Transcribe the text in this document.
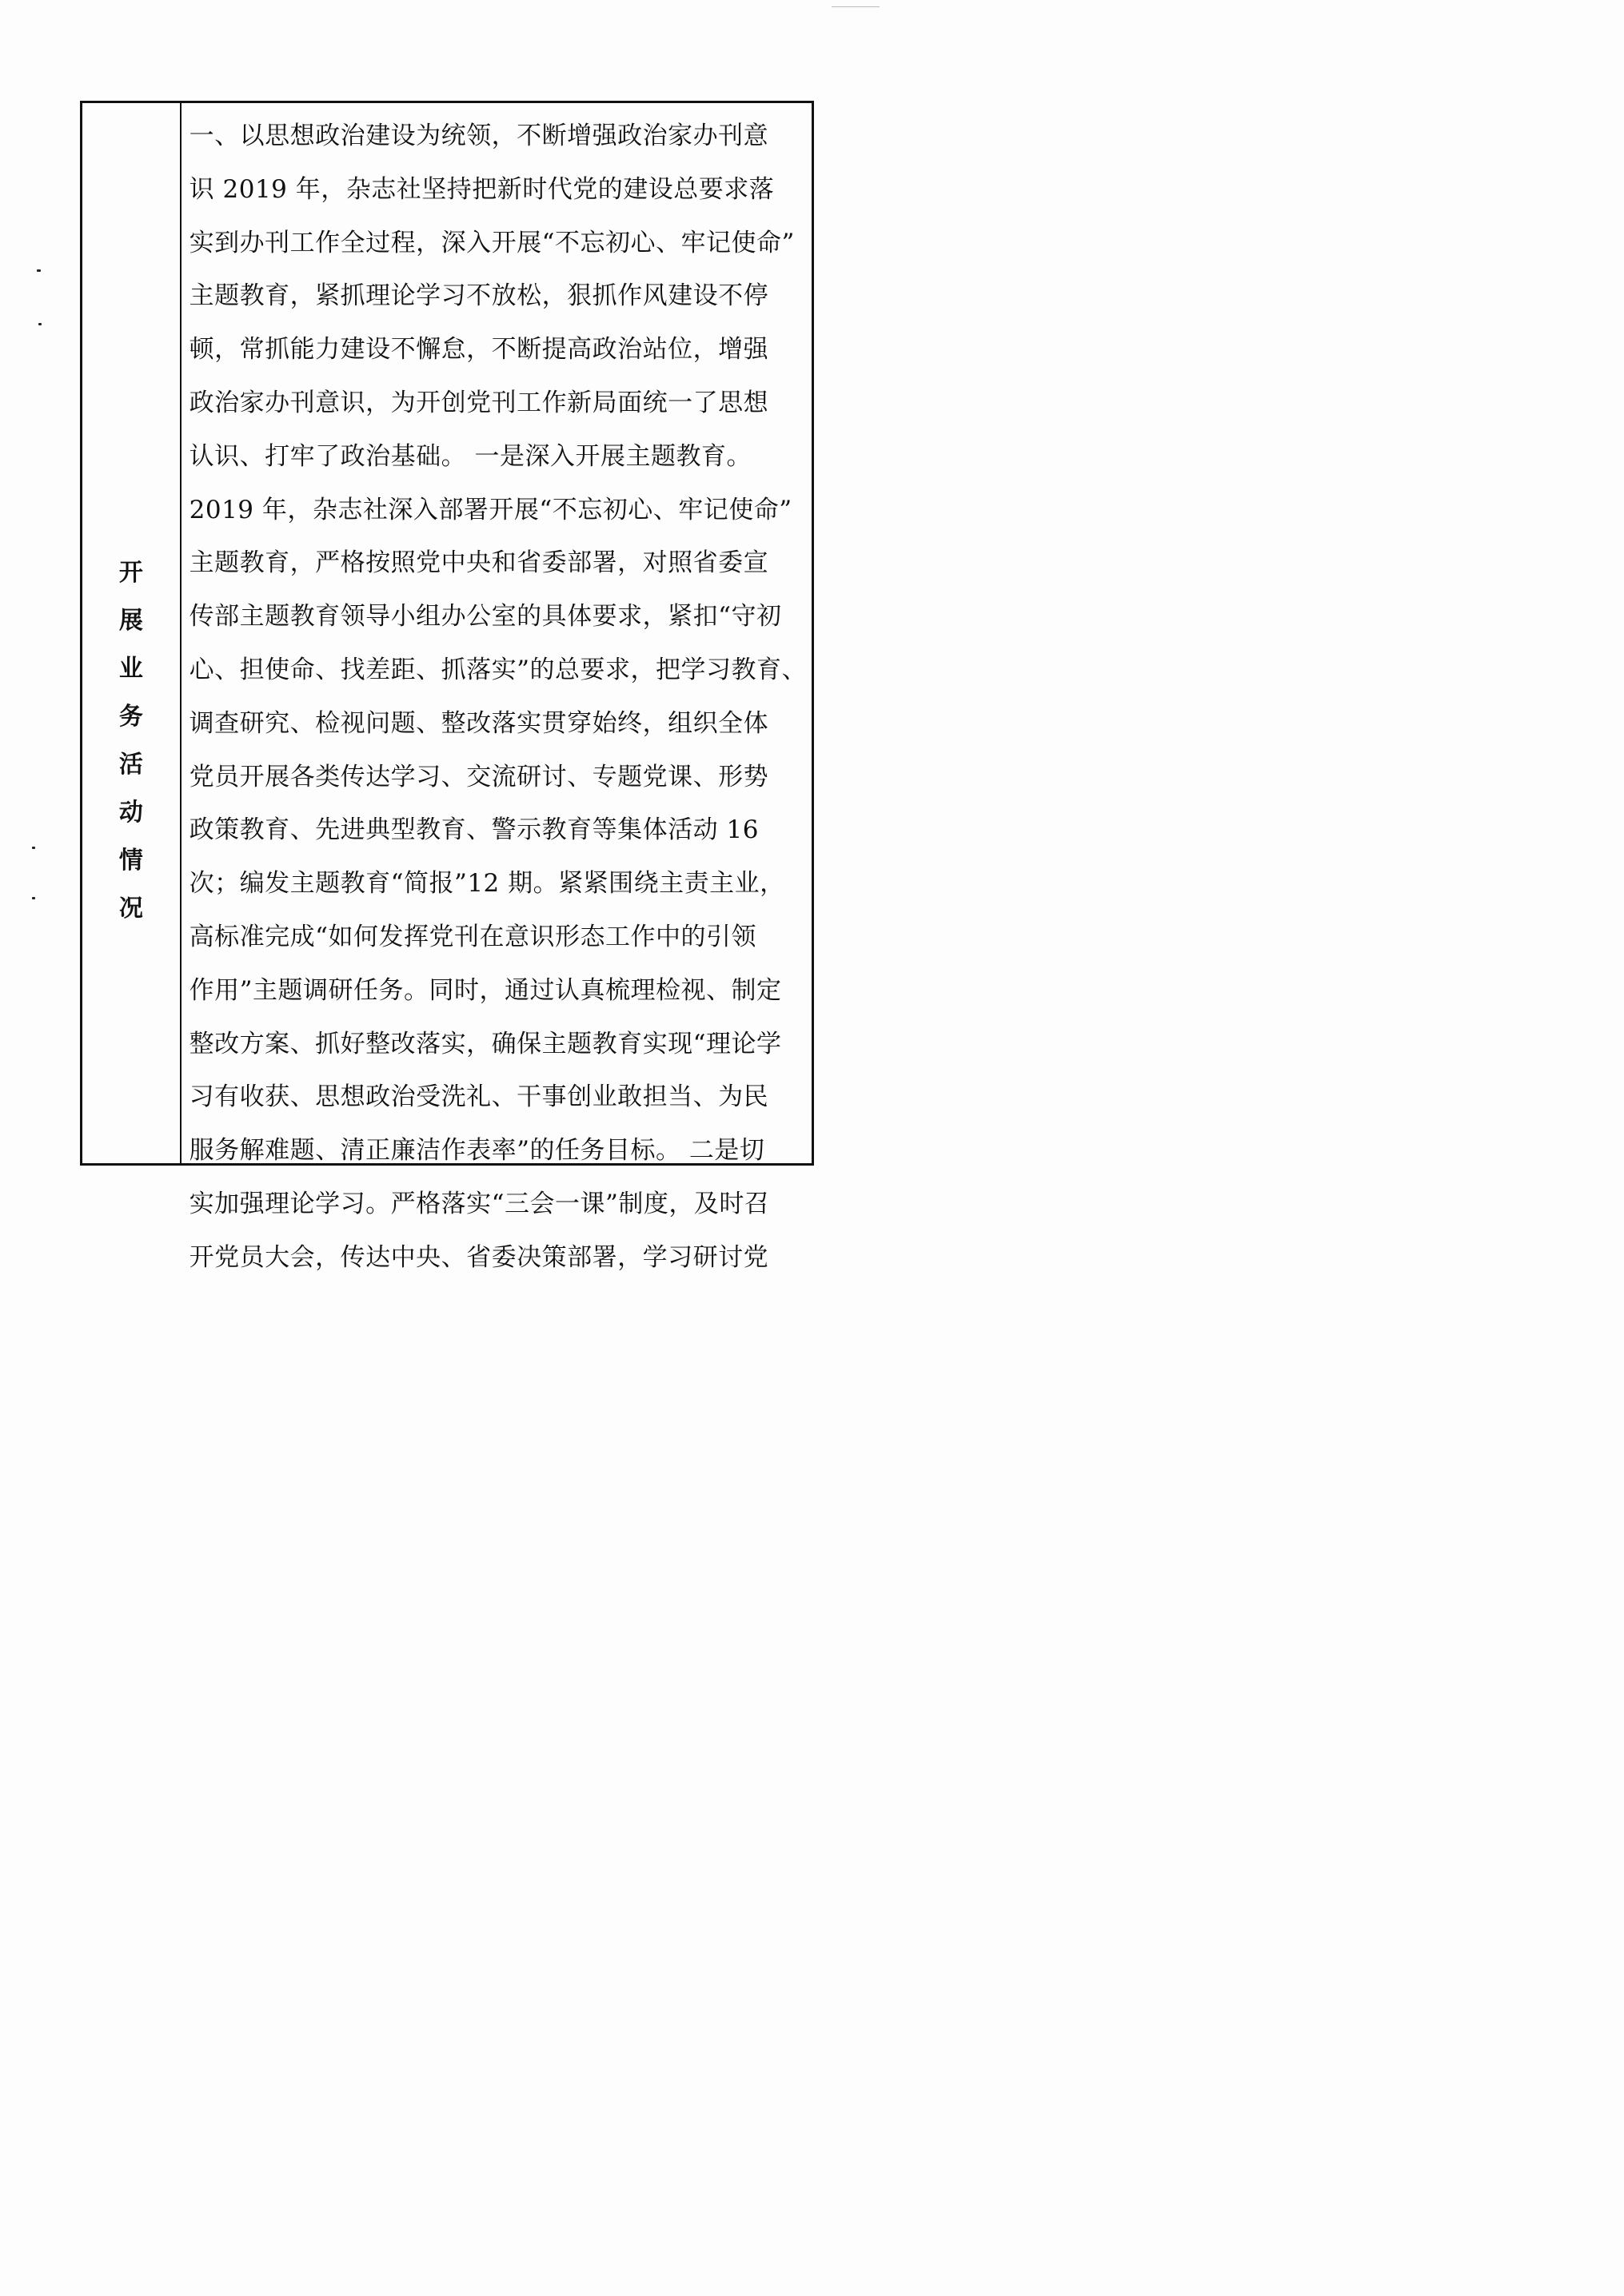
开
展
业
务
活
动
情
况
一、以思想政治建设为统领，不断增强政治家办刊意
识 2019 年，杂志社坚持把新时代党的建设总要求落
实到办刊工作全过程，深入开展“不忘初心、牢记使命”
主题教育，紧抓理论学习不放松，狠抓作风建设不停
顿，常抓能力建设不懈怠，不断提高政治站位，增强
政治家办刊意识，为开创党刊工作新局面统一了思想
认识、打牢了政治基础。 一是深入开展主题教育。
2019 年，杂志社深入部署开展“不忘初心、牢记使命”
主题教育，严格按照党中央和省委部署，对照省委宣
传部主题教育领导小组办公室的具体要求，紧扣“守初
心、担使命、找差距、抓落实”的总要求，把学习教育、
调查研究、检视问题、整改落实贯穿始终，组织全体
党员开展各类传达学习、交流研讨、专题党课、形势
政策教育、先进典型教育、警示教育等集体活动 16
次；编发主题教育“简报”12 期。紧紧围绕主责主业，
高标准完成“如何发挥党刊在意识形态工作中的引领
作用”主题调研任务。同时，通过认真梳理检视、制定
整改方案、抓好整改落实，确保主题教育实现“理论学
习有收获、思想政治受洗礼、干事创业敢担当、为民
服务解难题、清正廉洁作表率”的任务目标。 二是切
实加强理论学习。严格落实“三会一课”制度，及时召
开党员大会，传达中央、省委决策部署，学习研讨党
